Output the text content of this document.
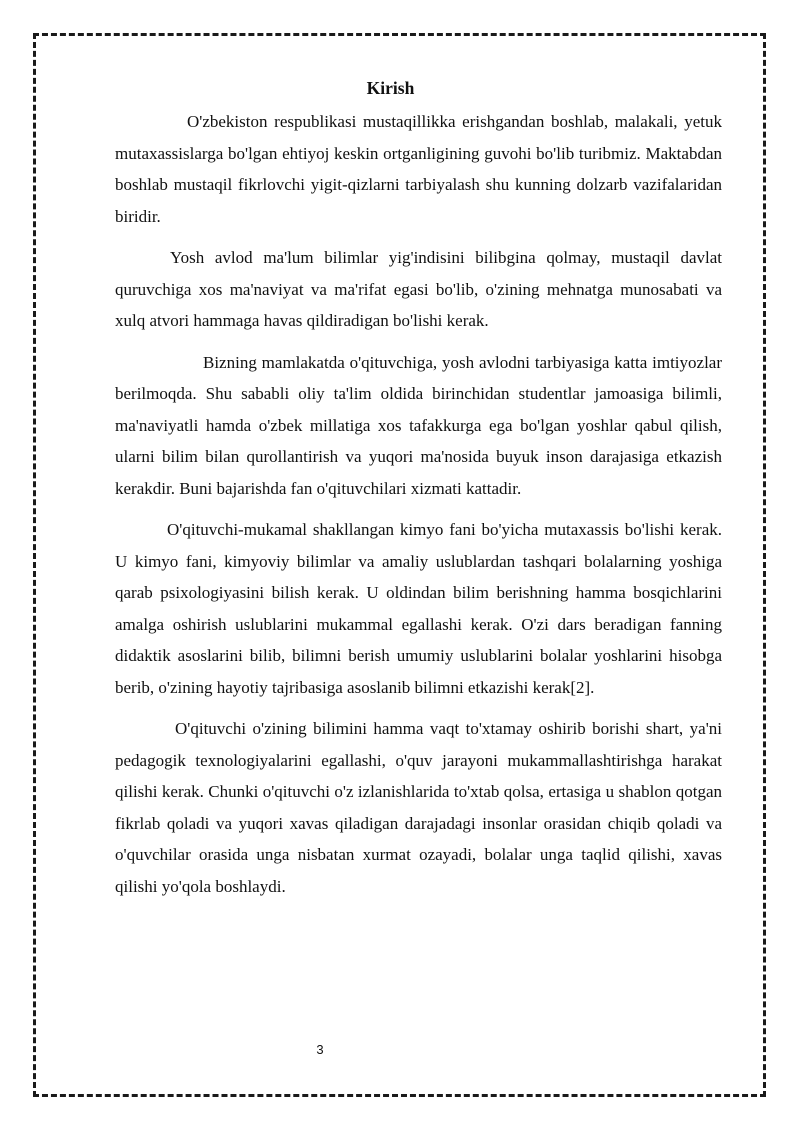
Kirish

O'zbekiston respublikasi mustaqillikka erishgandan boshlab, malakali, yetuk mutaxassislarga bo'lgan ehtiyoj keskin ortganligining guvohi bo'lib turibmiz. Maktabdan boshlab mustaqil fikrlovchi yigit-qizlarni tarbiyalash shu kunning dolzarb vazifalaridan biridir.

Yosh avlod ma'lum bilimlar yig'indisini bilibgina qolmay, mustaqil davlat quruvchiga xos ma'naviyat va ma'rifat egasi bo'lib, o'zining mehnatga munosabati va xulq atvori hammaga havas qildiradigan bo'lishi kerak.

Bizning mamlakatda o'qituvchiga, yosh avlodni tarbiyasiga katta imtiyozlar berilmoqda. Shu sababli oliy ta'lim oldida birinchidan studentlar jamoasiga bilimli, ma'naviyatli hamda o'zbek millatiga xos tafakkurga ega bo'lgan yoshlar qabul qilish, ularni bilim bilan qurollantirish va yuqori ma'nosida buyuk inson darajasiga etkazish kerakdir. Buni bajarishda fan o'qituvchilari xizmati kattadir.

O'qituvchi-mukamal shakllangan kimyo fani bo'yicha mutaxassis bo'lishi kerak. U kimyo fani, kimyoviy bilimlar va amaliy uslublardan tashqari bolalarning yoshiga qarab psixologiyasini bilish kerak. U oldindan bilim berishning hamma bosqichlarini amalga oshirish uslublarini mukammal egallashi kerak. O'zi dars beradigan fanning didaktik asoslarini bilib, bilimni berish umumiy uslublarini bolalar yoshlarini hisobga berib, o'zining hayotiy tajribasiga asoslanib bilimni etkazishi kerak[2].

O'qituvchi o'zining bilimini hamma vaqt to'xtamay oshirib borishi shart, ya'ni pedagogik texnologiyalarini egallashi, o'quv jarayoni mukammallashtirishga harakat qilishi kerak. Chunki o'qituvchi o'z izlanishlarida to'xtab qolsa, ertasiga u shablon qotgan fikrlab qoladi va yuqori xavas qiladigan darajadagi insonlar orasidan chiqib qoladi va o'quvchilar orasida unga nisbatan xurmat ozayadi, bolalar unga taqlid qilishi, xavas qilishi yo'qola boshlaydi.

3
